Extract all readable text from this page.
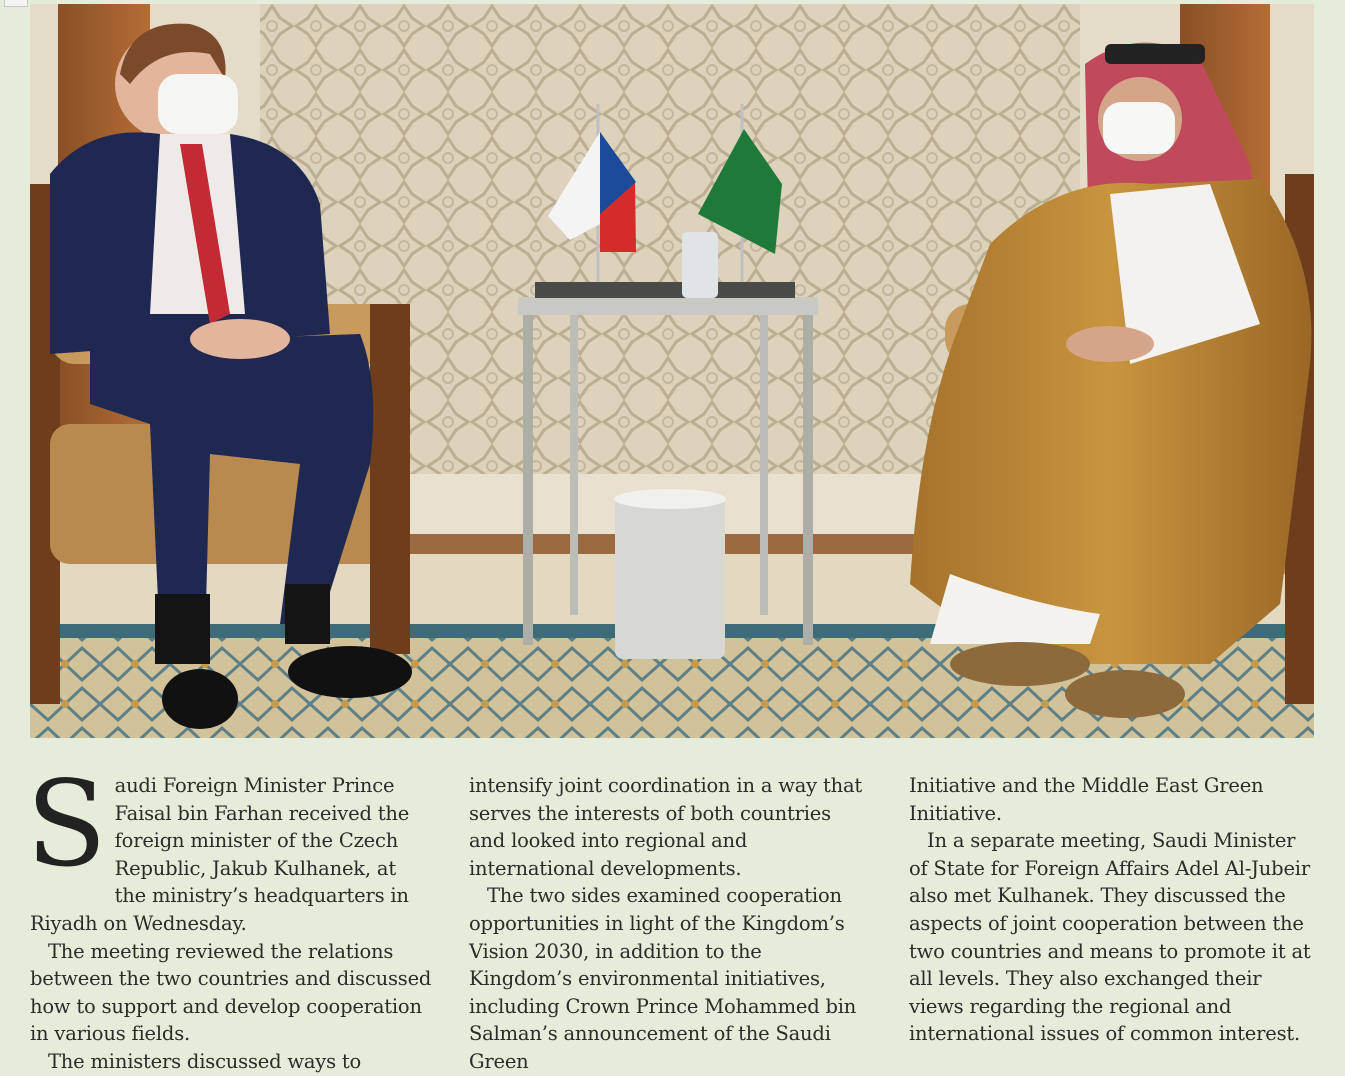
Saudi Foreign Minister Prince Faisal bin Farhan received the foreign minister of the Czech Republic, Jakub Kulhanek, at the ministry’s headquarters in Riyadh on Wednesday.

The meeting reviewed the relations between the two countries and discussed how to support and develop cooperation in various fields.

The ministers discussed ways to

intensify joint coordination in a way that serves the interests of both countries and looked into regional and international developments.

The two sides examined cooperation opportunities in light of the Kingdom’s Vision 2030, in addition to the Kingdom’s environmental initiatives, including Crown Prince Mohammed bin Salman’s announcement of the Saudi Green

Initiative and the Middle East Green Initiative.

In a separate meeting, Saudi Minister of State for Foreign Affairs Adel Al-Jubeir also met Kulhanek. They discussed the aspects of joint cooperation between the two countries and means to promote it at all levels. They also exchanged their views regarding the regional and international issues of common interest.
